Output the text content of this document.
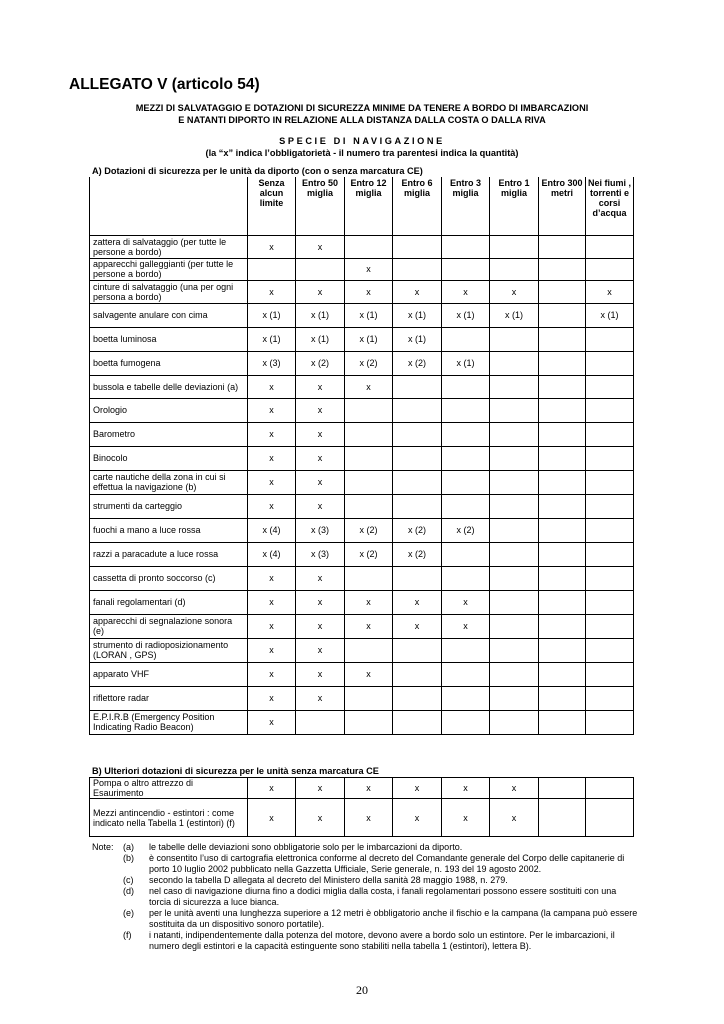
ALLEGATO V (articolo 54)
MEZZI DI SALVATAGGIO E DOTAZIONI DI SICUREZZA MINIME DA TENERE A BORDO DI IMBARCAZIONI
E NATANTI DIPORTO IN RELAZIONE ALLA DISTANZA DALLA COSTA O DALLA RIVA
SPECIE DI NAVIGAZIONE
(la “x” indica l’obbligatorietà - il numero tra parentesi indica la quantità)
A) Dotazioni di sicurezza per le unità da diporto (con o senza marcatura CE)
	Senza alcun limite	Entro 50 miglia	Entro 12 miglia	Entro 6 miglia	Entro 3 miglia	Entro 1 miglia	Entro 300 metri	Nei fiumi , torrenti e corsi d’acqua
zattera di salvataggio (per tutte le persone a bordo)	x	x						
apparecchi galleggianti (per tutte le persone a bordo)			x					
cinture di salvataggio (una per ogni persona a bordo)	x	x	x	x	x	x		x
salvagente anulare con cima	x (1)	x (1)	x (1)	x (1)	x (1)	x (1)		x (1)
boetta luminosa	x (1)	x (1)	x (1)	x (1)				
boetta fumogena	x (3)	x (2)	x (2)	x (2)	x (1)			
bussola e tabelle delle deviazioni (a)	x	x	x					
Orologio	x	x						
Barometro	x	x						
Binocolo	x	x						
carte nautiche della zona in cui si effettua la navigazione (b)	x	x						
strumenti da carteggio	x	x						
fuochi a mano a luce rossa	x (4)	x (3)	x (2)	x (2)	x (2)			
razzi a paracadute a luce rossa	x (4)	x (3)	x (2)	x (2)				
cassetta di pronto soccorso (c)	x	x						
fanali regolamentari (d)	x	x	x	x	x			
apparecchi di segnalazione sonora (e)	x	x	x	x	x			
strumento di radioposizionamento (LORAN , GPS)	x	x						
apparato VHF	x	x	x					
riflettore radar	x	x						
E.P.I.R.B (Emergency Position Indicating Radio Beacon)	x							
B) Ulteriori dotazioni di sicurezza per le unità senza marcatura CE
Pompa o altro attrezzo di Esaurimento	x	x	x	x	x	x		
Mezzi antincendio - estintori : come indicato nella Tabella 1 (estintori) (f)	x	x	x	x	x	x		
Note:	(a)	le tabelle delle deviazioni sono obbligatorie solo per le imbarcazioni da diporto.
(b)	è consentito l’uso di cartografia elettronica conforme al decreto del Comandante generale del Corpo delle capitanerie di porto 10 luglio 2002 pubblicato nella Gazzetta Ufficiale, Serie generale, n. 193 del 19 agosto 2002.
(c)	secondo la tabella D allegata al decreto del Ministero della sanità 28 maggio 1988, n. 279.
(d)	nel caso di navigazione diurna fino a dodici miglia dalla costa, i fanali regolamentari possono essere sostituiti con una torcia di sicurezza a luce bianca.
(e)	per le unità aventi una lunghezza superiore a 12 metri è obbligatorio anche il fischio e la campana (la campana può essere sostituita da un dispositivo sonoro portatile).
(f)	i natanti, indipendentemente dalla potenza del motore, devono avere a bordo solo un estintore. Per le imbarcazioni, il numero degli estintori e la capacità estinguente sono stabiliti nella tabella 1 (estintori), lettera B).
20
